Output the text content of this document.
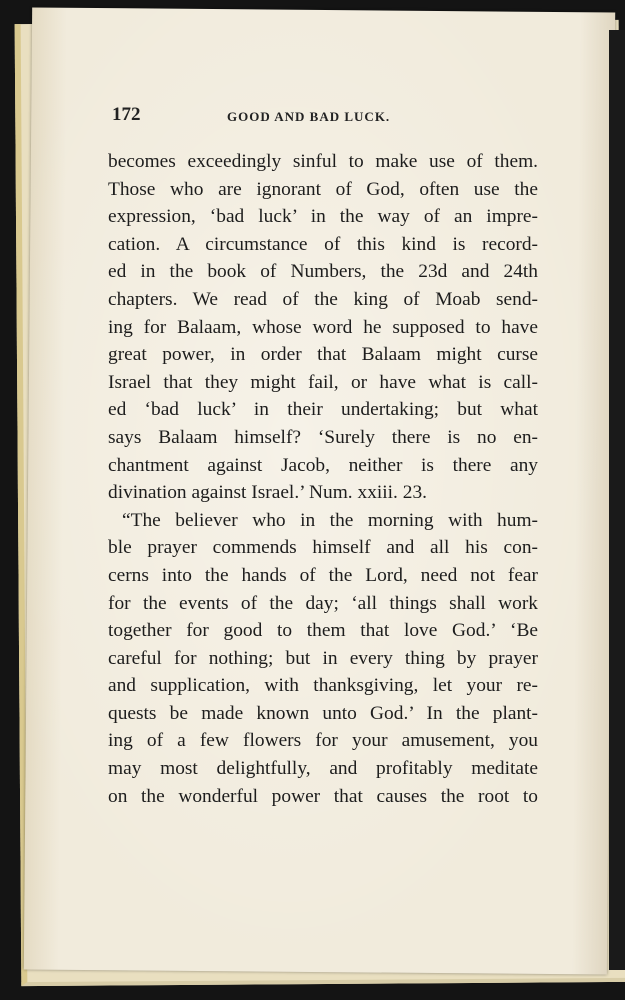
172	GOOD AND BAD LUCK.
becomes exceedingly sinful to make use of them.
Those who are ignorant of God, often use the
expression, ‘bad luck’ in the way of an impre-
cation. A circumstance of this kind is record-
ed in the book of Numbers, the 23d and 24th
chapters. We read of the king of Moab send-
ing for Balaam, whose word he supposed to have
great power, in order that Balaam might curse
Israel that they might fail, or have what is call-
ed ‘bad luck’ in their undertaking; but what
says Balaam himself? ‘Surely there is no en-
chantment against Jacob, neither is there any
divination against Israel.’ Num. xxiii. 23.
“The believer who in the morning with hum-
ble prayer commends himself and all his con-
cerns into the hands of the Lord, need not fear
for the events of the day; ‘all things shall work
together for good to them that love God.’ ‘Be
careful for nothing; but in every thing by prayer
and supplication, with thanksgiving, let your re-
quests be made known unto God.’ In the plant-
ing of a few flowers for your amusement, you
may most delightfully, and profitably meditate
on the wonderful power that causes the root to
